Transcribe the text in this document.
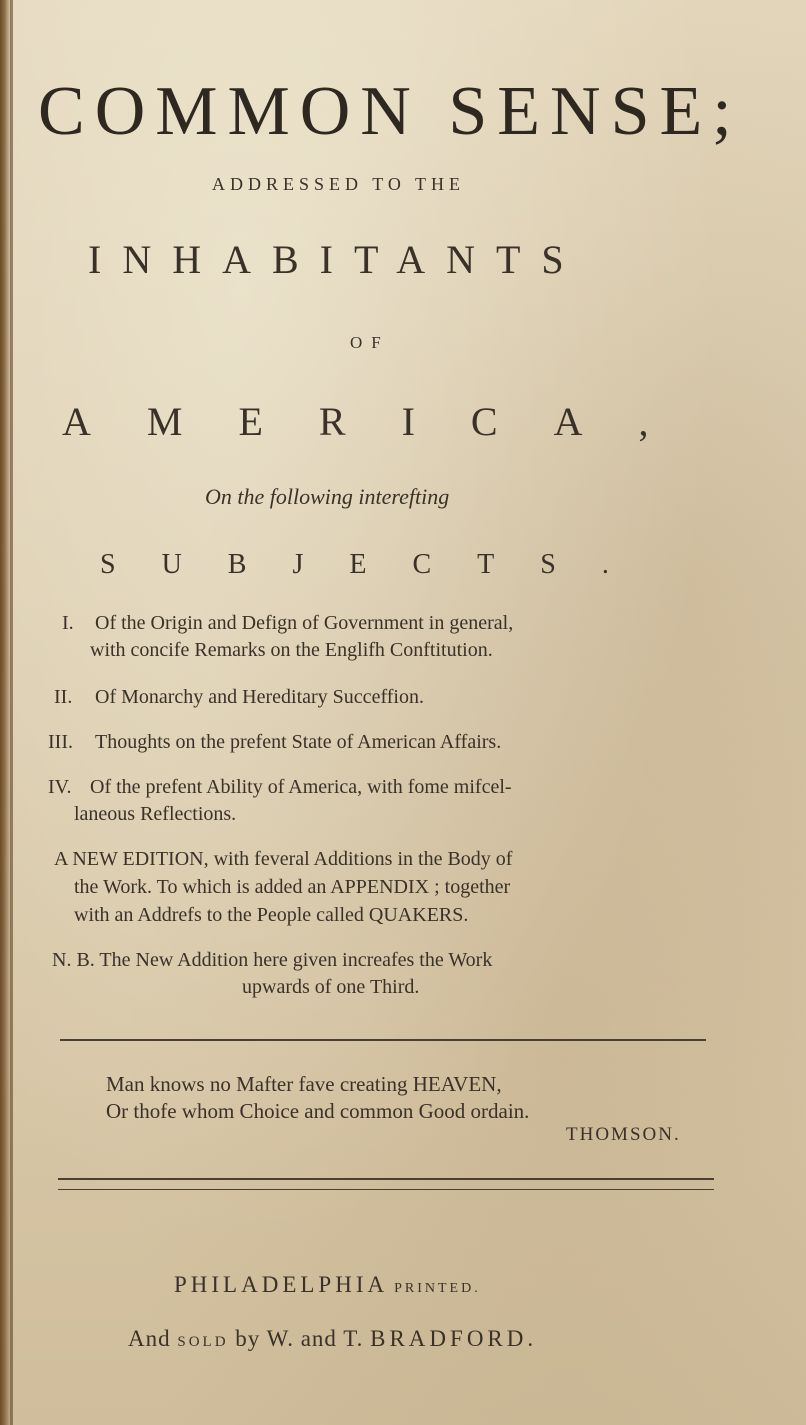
COMMON SENSE;
ADDRESSED TO THE
INHABITANTS
OF
AMERICA,
On the following interefting
SUBJECTS.
I. Of the Origin and Defign of Government in general,
with concife Remarks on the Englifh Conftitution.
II. Of Monarchy and Hereditary Succeffion.
III. Thoughts on the prefent State of American Affairs.
IV. Of the prefent Ability of America, with fome mifcel-
laneous Reflections.
A NEW EDITION, with feveral Additions in the Body of
the Work. To which is added an APPENDIX ; together
with an Addrefs to the People called QUAKERS.
N. B. The New Addition here given increafes the Work
upwards of one Third.
Man knows no Mafter fave creating HEAVEN,
Or thofe whom Choice and common Good ordain.
THOMSON.
PHILADELPHIA PRINTED.
And SOLD by W. and T. BRADFORD.
